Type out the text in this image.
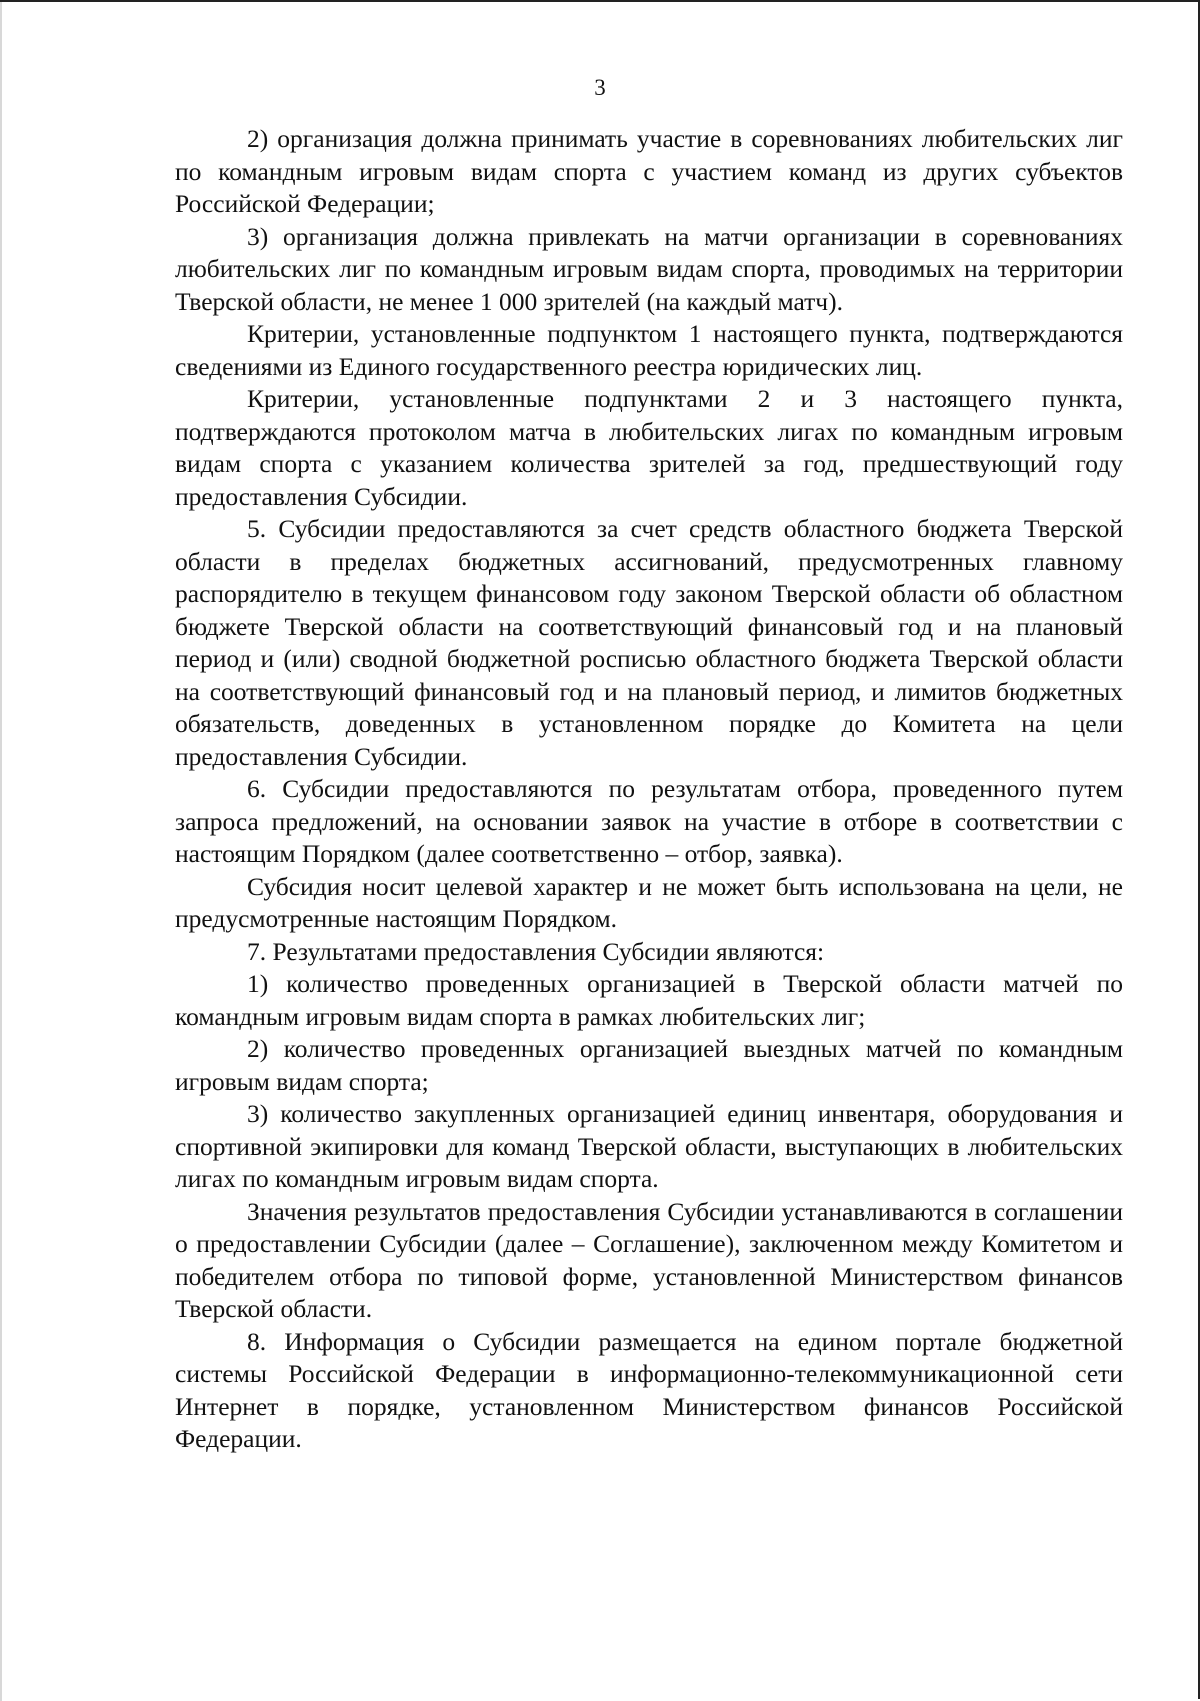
3

2) организация должна принимать участие в соревнованиях любительских лиг по командным игровым видам спорта с участием команд из других субъектов Российской Федерации;

3) организация должна привлекать на матчи организации в соревнованиях любительских лиг по командным игровым видам спорта, проводимых на территории Тверской области, не менее 1 000 зрителей (на каждый матч).

Критерии, установленные подпунктом 1 настоящего пункта, подтверждаются сведениями из Единого государственного реестра юридических лиц.

Критерии, установленные подпунктами 2 и 3 настоящего пункта, подтверждаются протоколом матча в любительских лигах по командным игровым видам спорта с указанием количества зрителей за год, предшествующий году предоставления Субсидии.

5. Субсидии предоставляются за счет средств областного бюджета Тверской области в пределах бюджетных ассигнований, предусмотренных главному распорядителю в текущем финансовом году законом Тверской области об областном бюджете Тверской области на соответствующий финансовый год и на плановый период и (или) сводной бюджетной росписью областного бюджета Тверской области на соответствующий финансовый год и на плановый период, и лимитов бюджетных обязательств, доведенных в установленном порядке до Комитета на цели предоставления Субсидии.

6. Субсидии предоставляются по результатам отбора, проведенного путем запроса предложений, на основании заявок на участие в отборе в соответствии с настоящим Порядком (далее соответственно – отбор, заявка).

Субсидия носит целевой характер и не может быть использована на цели, не предусмотренные настоящим Порядком.

7. Результатами предоставления Субсидии являются:

1) количество проведенных организацией в Тверской области матчей по командным игровым видам спорта в рамках любительских лиг;

2) количество проведенных организацией выездных матчей по командным игровым видам спорта;

3) количество закупленных организацией единиц инвентаря, оборудования и спортивной экипировки для команд Тверской области, выступающих в любительских лигах по командным игровым видам спорта.

Значения результатов предоставления Субсидии устанавливаются в соглашении о предоставлении Субсидии (далее – Соглашение), заключенном между Комитетом и победителем отбора по типовой форме, установленной Министерством финансов Тверской области.

8. Информация о Субсидии размещается на едином портале бюджетной системы Российской Федерации в информационно-телекоммуникационной сети Интернет в порядке, установленном Министерством финансов Российской Федерации.
